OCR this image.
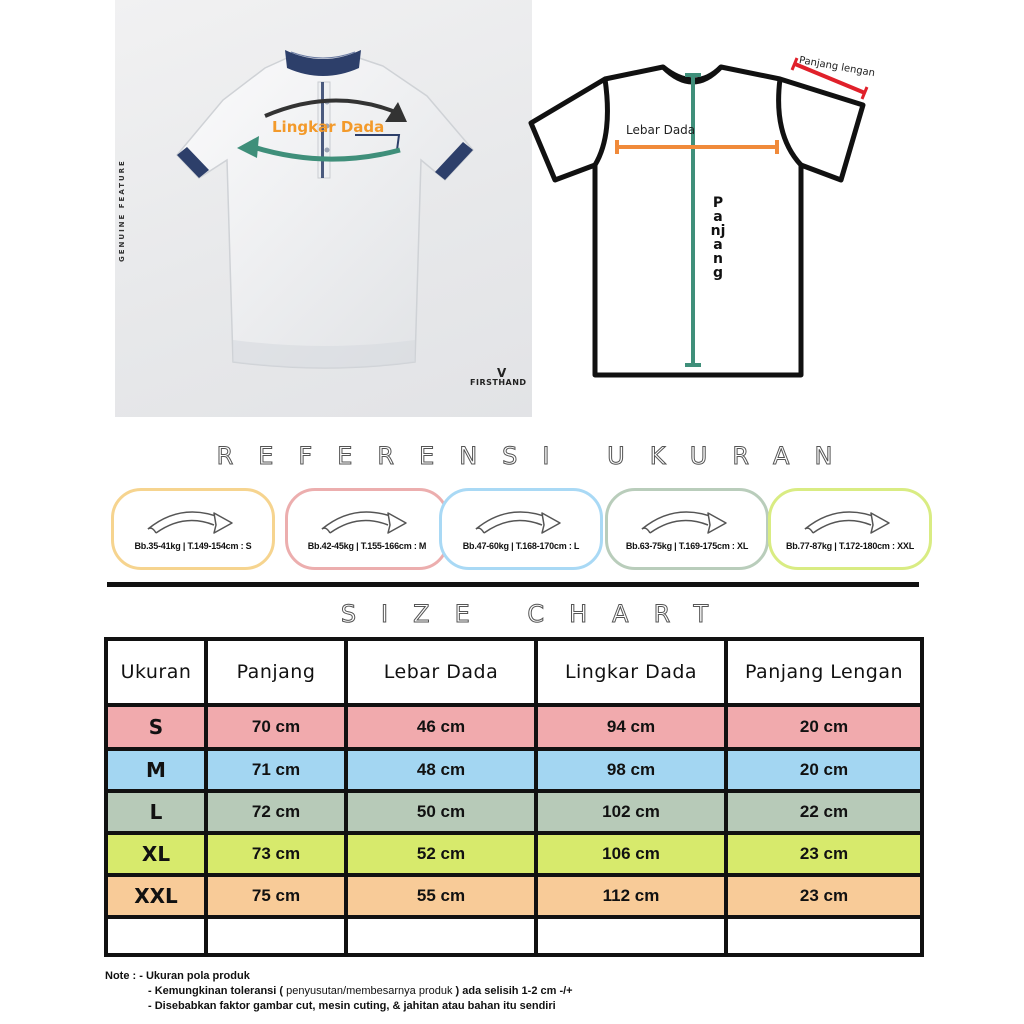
GENUINE FEATURE
Lingkar Dada
V
FIRSTHAND
Lebar Dada
Panjang
Panjang lengan
REFERENSI UKURAN
Bb.35-41kg | T.149-154cm : S	Bb.42-45kg | T.155-166cm : M	Bb.47-60kg | T.168-170cm : L	Bb.63-75kg | T.169-175cm : XL	Bb.77-87kg | T.172-180cm : XXL
SIZE CHART
Ukuran	Panjang	Lebar Dada	Lingkar Dada	Panjang Lengan
S	70 cm	46 cm	94 cm	20 cm
M	71 cm	48 cm	98 cm	20 cm
L	72 cm	50 cm	102 cm	22 cm
XL	73 cm	52 cm	106 cm	23 cm
XXL	75 cm	55 cm	112 cm	23 cm
Note : - Ukuran pola produk
- Kemungkinan toleransi ( penyusutan/membesarnya produk ) ada selisih 1-2 cm -/+
- Disebabkan faktor gambar cut, mesin cuting, & jahitan atau bahan itu sendiri
